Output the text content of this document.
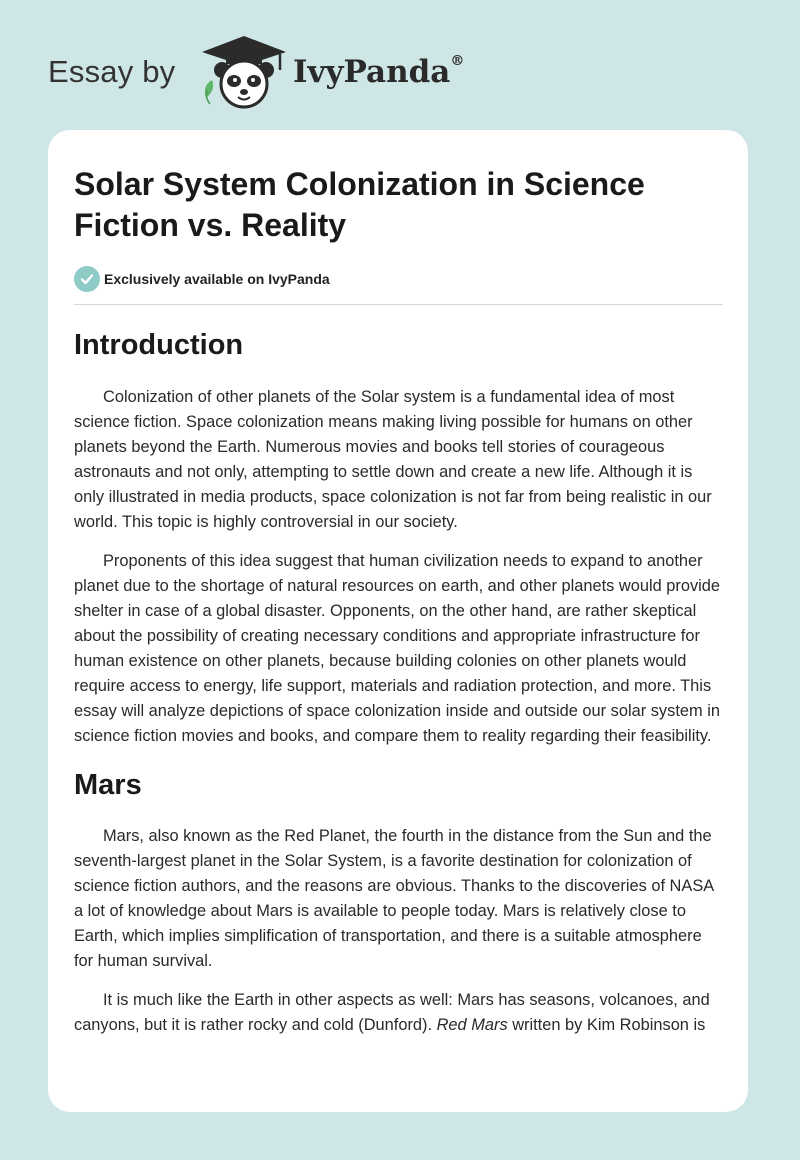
Essay by	IvyPanda®
Solar System Colonization in Science Fiction vs. Reality
Exclusively available on IvyPanda
Introduction

Colonization of other planets of the Solar system is a fundamental idea of most science fiction. Space colonization means making living possible for humans on other planets beyond the Earth. Numerous movies and books tell stories of courageous astronauts and not only, attempting to settle down and create a new life. Although it is only illustrated in media products, space colonization is not far from being realistic in our world. This topic is highly controversial in our society.

Proponents of this idea suggest that human civilization needs to expand to another planet due to the shortage of natural resources on earth, and other planets would provide shelter in case of a global disaster. Opponents, on the other hand, are rather skeptical about the possibility of creating necessary conditions and appropriate infrastructure for human existence on other planets, because building colonies on other planets would require access to energy, life support, materials and radiation protection, and more. This essay will analyze depictions of space colonization inside and outside our solar system in science fiction movies and books, and compare them to reality regarding their feasibility.

Mars

Mars, also known as the Red Planet, the fourth in the distance from the Sun and the seventh-largest planet in the Solar System, is a favorite destination for colonization of science fiction authors, and the reasons are obvious. Thanks to the discoveries of NASA a lot of knowledge about Mars is available to people today. Mars is relatively close to Earth, which implies simplification of transportation, and there is a suitable atmosphere for human survival.

It is much like the Earth in other aspects as well: Mars has seasons, volcanoes, and canyons, but it is rather rocky and cold (Dunford). Red Mars written by Kim Robinson is
